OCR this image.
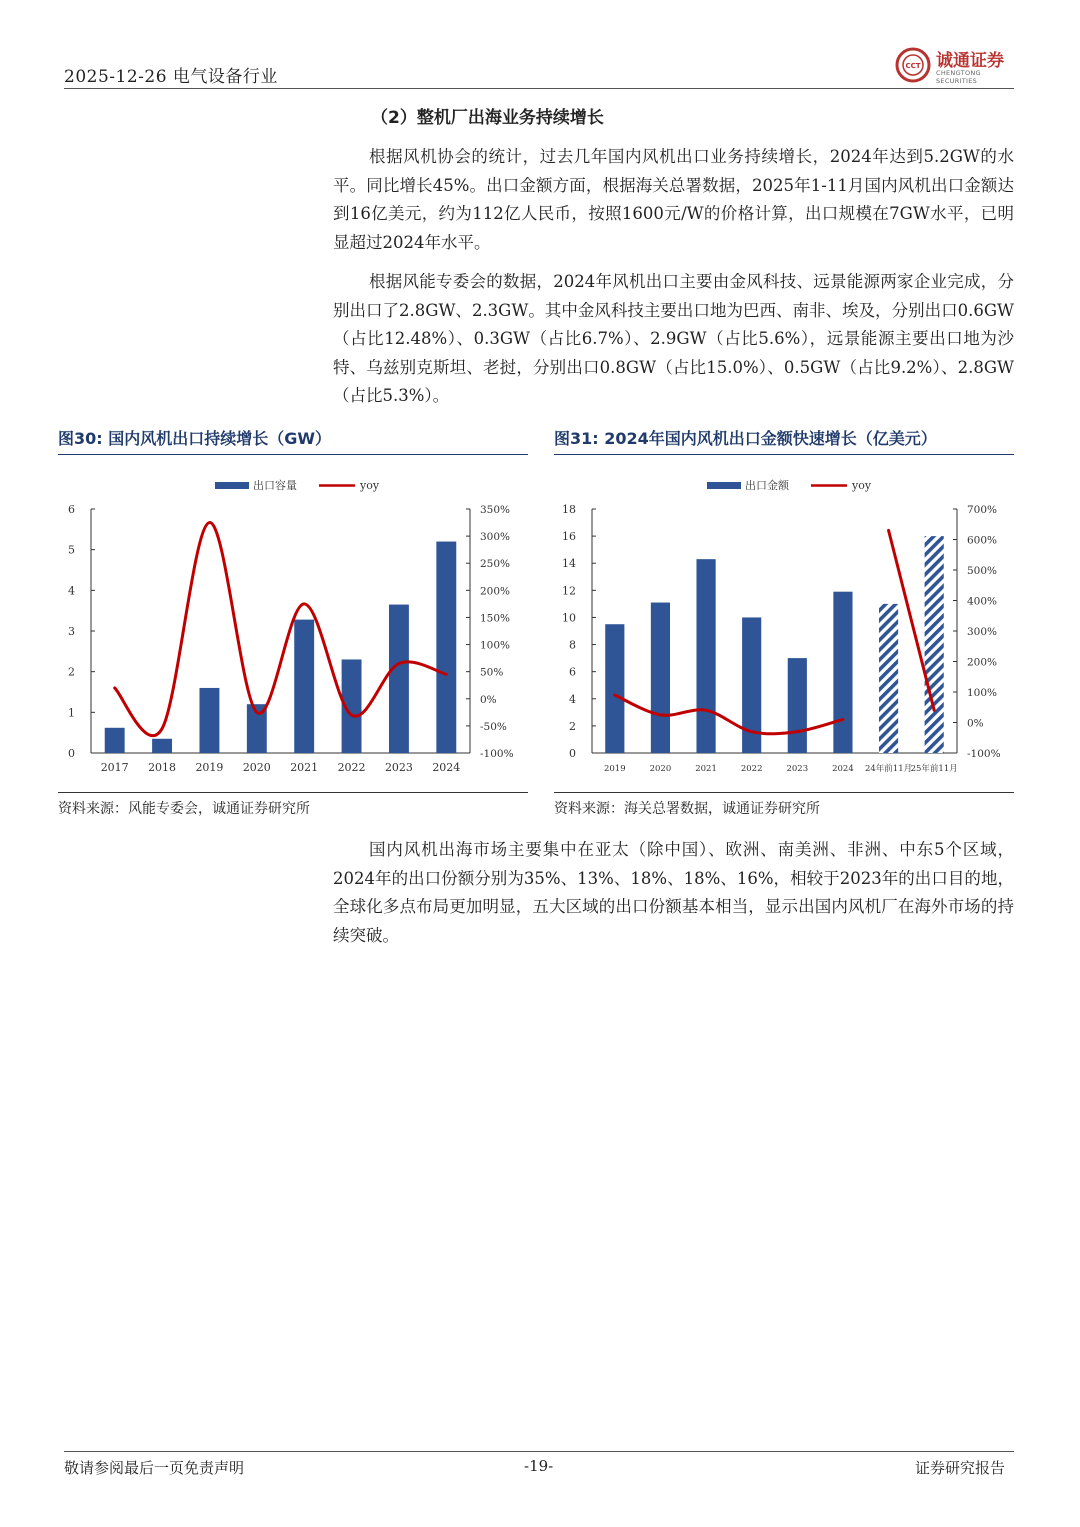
2025-12-26 电气设备行业
CCT 诚通证券
CHENGTONG SECURITIES
（2）整机厂出海业务持续增长
根据风机协会的统计，过去几年国内风机出口业务持续增长，2024年达到5.2GW的水平。同比增长45%。出口金额方面，根据海关总署数据，2025年1-11月国内风机出口金额达到16亿美元，约为112亿人民币，按照1600元/W的价格计算，出口规模在7GW水平，已明显超过2024年水平。
根据风能专委会的数据，2024年风机出口主要由金风科技、远景能源两家企业完成，分别出口了2.8GW、2.3GW。其中金风科技主要出口地为巴西、南非、埃及，分别出口0.6GW（占比12.48%）、0.3GW（占比6.7%）、2.9GW（占比5.6%），远景能源主要出口地为沙特、乌兹别克斯坦、老挝，分别出口0.8GW（占比15.0%）、0.5GW（占比9.2%）、2.8GW（占比5.3%）。
图30: 国内风机出口持续增长（GW）
出口容量	yoy
0
1
2
3
4
5
6
-100%
-50%
0%
50%
100%
150%
200%
250%
300%
350%
2017 2018 2019 2020 2021 2022 2023 2024
资料来源：风能专委会，诚通证券研究所
图31: 2024年国内风机出口金额快速增长（亿美元）
出口金额	yoy
0
2
4
6
8
10
12
14
16
18
-100%
0%
100%
200%
300%
400%
500%
600%
700%
2019	2020	2021	2022	2023	2024 24年前11月
25年前11月
资料来源：海关总署数据，诚通证券研究所
国内风机出海市场主要集中在亚太（除中国）、欧洲、南美洲、非洲、中东5个区域，2024年的出口份额分别为35%、13%、18%、18%、16%，相较于2023年的出口目的地，全球化多点布局更加明显，五大区域的出口份额基本相当，显示出国内风机厂在海外市场的持续突破。
敬请参阅最后一页免责声明	-19-	证券研究报告
